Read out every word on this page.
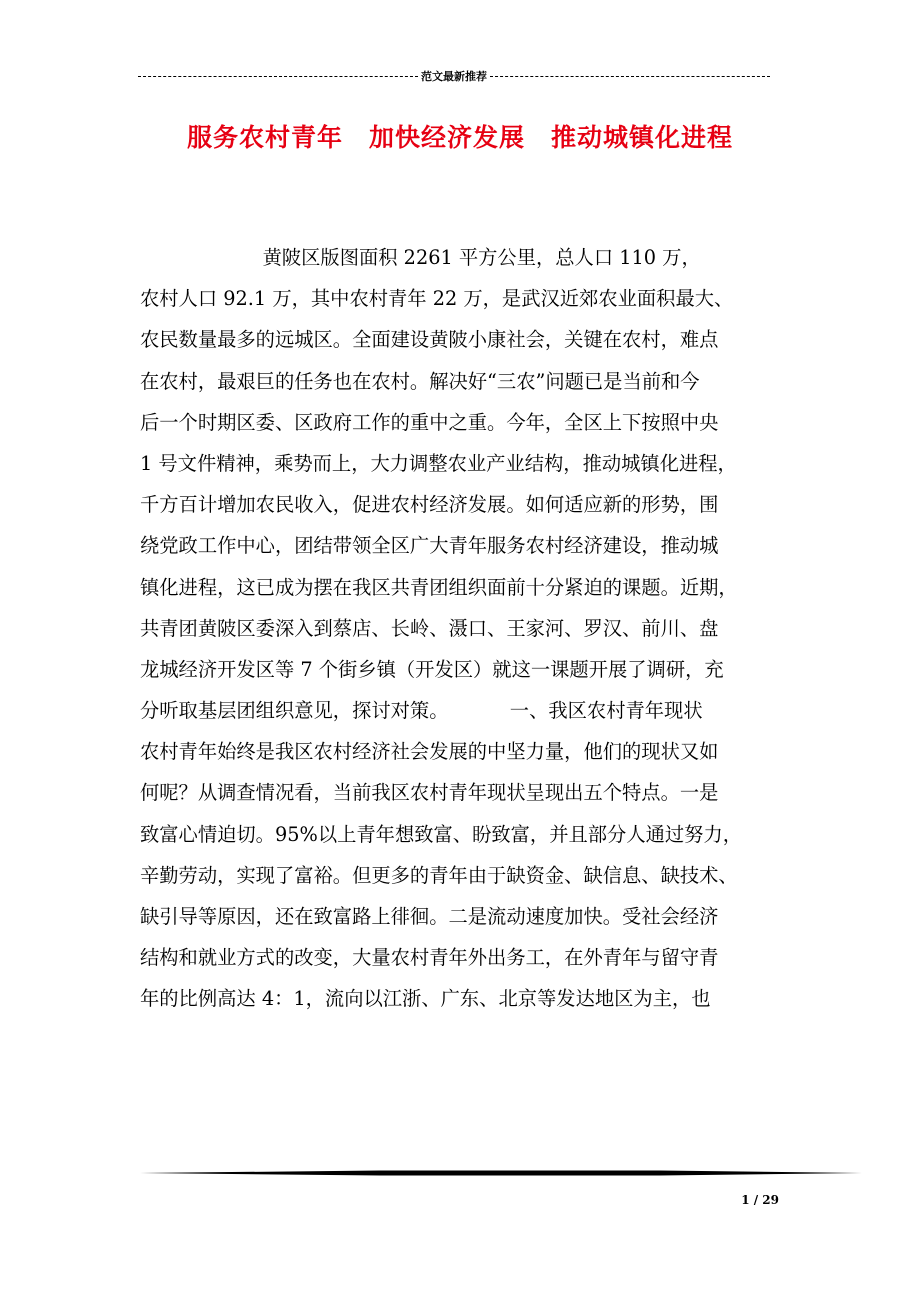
范文最新推荐
服务农村青年　加快经济发展　推动城镇化进程
黄陂区版图面积 2261 平方公里，总人口 110 万，
农村人口 92.1 万，其中农村青年 22 万，是武汉近郊农业面积最大、
农民数量最多的远城区。全面建设黄陂小康社会，关键在农村，难点
在农村，最艰巨的任务也在农村。解决好“三农”问题已是当前和今
后一个时期区委、区政府工作的重中之重。今年，全区上下按照中央
1 号文件精神，乘势而上，大力调整农业产业结构，推动城镇化进程，
千方百计增加农民收入，促进农村经济发展。如何适应新的形势，围
绕党政工作中心，团结带领全区广大青年服务农村经济建设，推动城
镇化进程，这已成为摆在我区共青团组织面前十分紧迫的课题。近期，
共青团黄陂区委深入到蔡店、长岭、滠口、王家河、罗汉、前川、盘
龙城经济开发区等 7 个街乡镇（开发区）就这一课题开展了调研，充
分听取基层团组织意见，探讨对策。          一、我区农村青年现状
农村青年始终是我区农村经济社会发展的中坚力量，他们的现状又如
何呢？从调查情况看，当前我区农村青年现状呈现出五个特点。一是
致富心情迫切。95%以上青年想致富、盼致富，并且部分人通过努力，
辛勤劳动，实现了富裕。但更多的青年由于缺资金、缺信息、缺技术、
缺引导等原因，还在致富路上徘徊。二是流动速度加快。受社会经济
结构和就业方式的改变，大量农村青年外出务工，在外青年与留守青
年的比例高达 4：1，流向以江浙、广东、北京等发达地区为主，也
1 / 29
